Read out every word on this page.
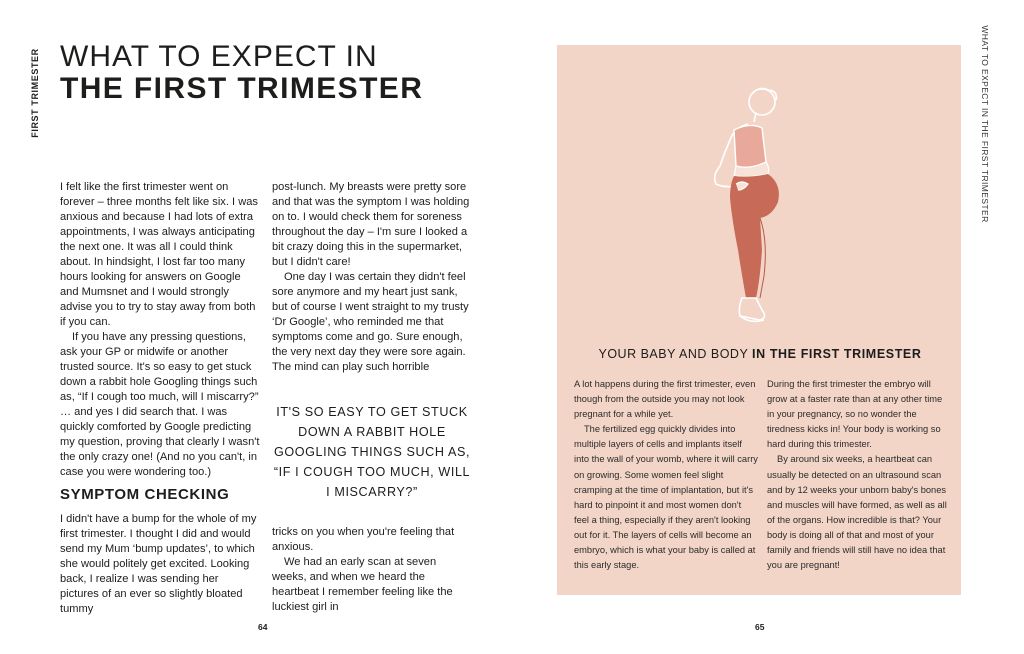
FIRST TRIMESTER WHAT TO EXPECT IN
THE FIRST TRIMESTER

I felt like the first trimester went on forever – three months felt like six. I was anxious and because I had lots of extra appointments, I was always anticipating the next one. It was all I could think about. In hindsight, I lost far too many hours looking for answers on Google and Mumsnet and I would strongly advise you to try to stay away from both if you can.

If you have any pressing questions, ask your GP or midwife or another trusted source. It's so easy to get stuck down a rabbit hole Googling things such as, “If I cough too much, will I miscarry?” … and yes I did search that. I was quickly comforted by Google predicting my question, proving that clearly I wasn't the only crazy one! (And no you can't, in case you were wondering too.)

SYMPTOM CHECKING

I didn't have a bump for the whole of my first trimester. I thought I did and would send my Mum ‘bump updates’, to which she would politely get excited. Looking back, I realize I was sending her pictures of an ever so slightly bloated tummy

post-lunch. My breasts were pretty sore and that was the symptom I was holding on to. I would check them for soreness throughout the day – I'm sure I looked a bit crazy doing this in the supermarket, but I didn't care!

One day I was certain they didn't feel sore anymore and my heart just sank, but of course I went straight to my trusty ‘Dr Google’, who reminded me that symptoms come and go. Sure enough, the very next day they were sore again. The mind can play such horrible

IT'S SO EASY TO GET STUCK DOWN A RABBIT HOLE GOOGLING THINGS SUCH AS, “IF I COUGH TOO MUCH, WILL I MISCARRY?”

tricks on you when you're feeling that anxious.

We had an early scan at seven weeks, and when we heard the heartbeat I remember feeling like the luckiest girl in

64
WHAT TO EXPECT IN THE FIRST TRIMESTER
YOUR BABY AND BODY IN THE FIRST TRIMESTER

A lot happens during the first trimester, even though from the outside you may not look pregnant for a while yet.

The fertilized egg quickly divides into multiple layers of cells and implants itself into the wall of your womb, where it will carry on growing. Some women feel slight cramping at the time of implantation, but it's hard to pinpoint it and most women don't feel a thing, especially if they aren't looking out for it. The layers of cells will become an embryo, which is what your baby is called at this early stage.

During the first trimester the embryo will grow at a faster rate than at any other time in your pregnancy, so no wonder the tiredness kicks in! Your body is working so hard during this trimester.

By around six weeks, a heartbeat can usually be detected on an ultrasound scan and by 12 weeks your unborn baby's bones and muscles will have formed, as well as all of the organs. How incredible is that? Your body is doing all of that and most of your family and friends will still have no idea that you are pregnant!

65
